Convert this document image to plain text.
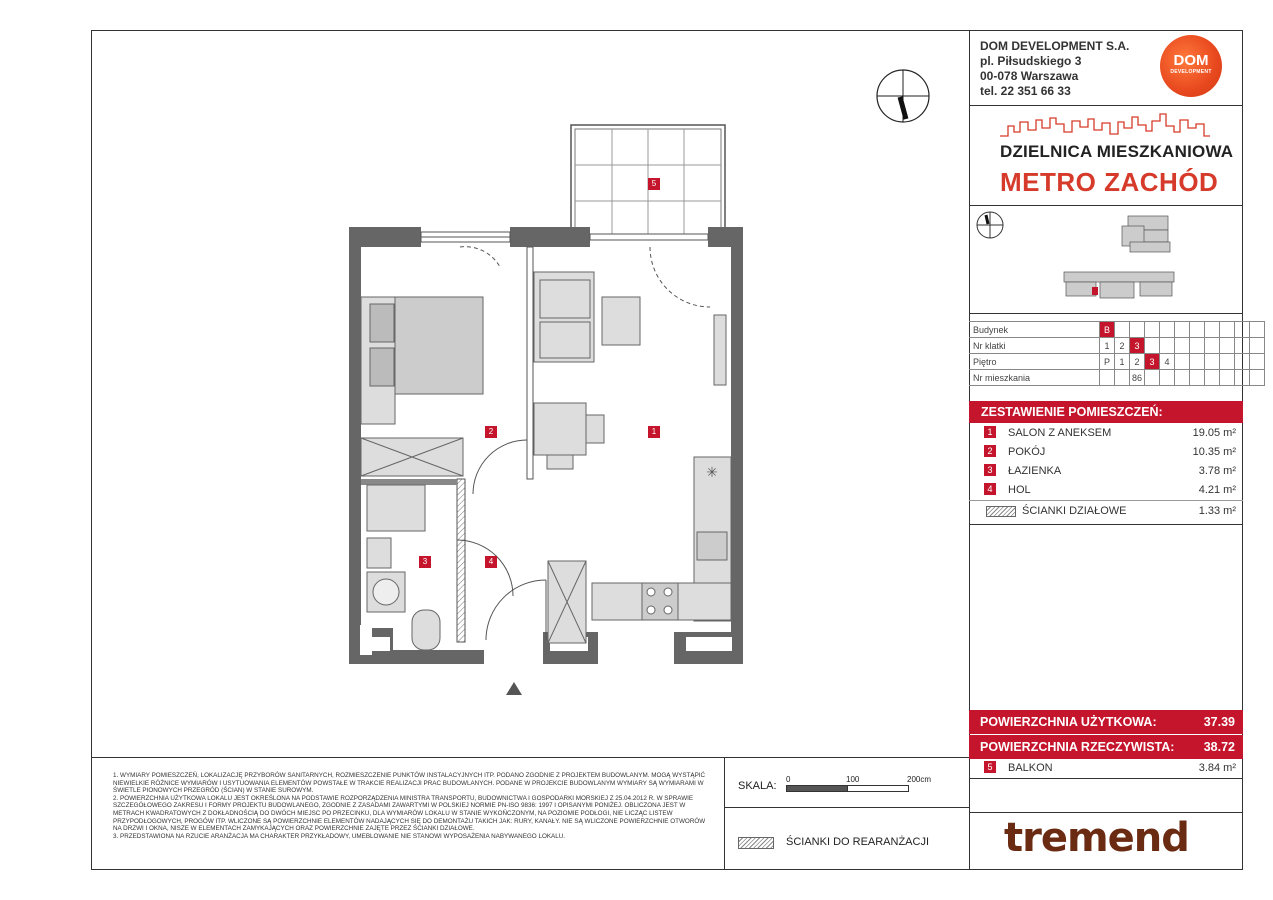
DOM DEVELOPMENT S.A.
pl. Piłsudskiego 3
00-078 Warszawa
tel. 22 351 66 33
DOM
DEVELOPMENT
DZIELNICA MIESZKANIOWA
METRO ZACHÓD
Budynek	B										
Nr klatki	1	2	3								
Piętro	P	1	2	3	4						
Nr mieszkania			86								
ZESTAWIENIE POMIESZCZEŃ:
1 SALON Z ANEKSEM	19.05 m²
2 POKÓJ	10.35 m²
3 ŁAZIENKA	3.78 m²
4 HOL	4.21 m²
ŚCIANKI DZIAŁOWE	1.33 m²
POWIERZCHNIA UŻYTKOWA:	37.39
POWIERZCHNIA RZECZYWISTA: 38.72
5 BALKON	3.84 m²
tremend
SKALA:
0	100	200cm
ŚCIANKI DO REARANŻACJI
1. WYMIARY POMIESZCZEŃ, LOKALIZACJĘ PRZYBORÓW SANITARNYCH, ROZMIESZCZENIE PUNKTÓW INSTALACYJNYCH ITP. PODANO ZGODNIE Z PROJEKTEM BUDOWLANYM. MOGĄ WYSTĄPIĆ NIEWIELKIE RÓŻNICE WYMIARÓW I USYTUOWANIA ELEMENTÓW POWSTAŁE W TRAKCIE REALIZACJI PRAC BUDOWLANYCH. PODANE W PROJEKCIE BUDOWLANYM WYMIARY SĄ WYMIARAMI W ŚWIETLE PIONOWYCH PRZEGRÓD (ŚCIAN) W STANIE SUROWYM.
2. POWIERZCHNIA UŻYTKOWA LOKALU JEST OKREŚLONA NA PODSTAWIE ROZPORZĄDZENIA MINISTRA TRANSPORTU, BUDOWNICTWA I GOSPODARKI MORSKIEJ Z 25.04.2012 R. W SPRAWIE SZCZEGÓŁOWEGO ZAKRESU I FORMY PROJEKTU BUDOWLANEGO, ZGODNIE Z ZASADAMI ZAWARTYMI W POLSKIEJ NORMIE PN-ISO 9836: 1997 I OPISANYMI PONIŻEJ. OBLICZONA JEST W METRACH KWADRATOWYCH Z DOKŁADNOŚCIĄ DO DWÓCH MIEJSC PO PRZECINKU, DLA WYMIARÓW LOKALU W STANIE WYKOŃCZONYM, NA POZIOMIE PODŁOGI, NIE LICZĄC LISTEW PRZYPODŁOGOWYCH, PROGÓW ITP. WLICZONE SĄ POWIERZCHNIE ELEMENTÓW NADAJĄCYCH SIĘ DO DEMONTAŻU TAKICH JAK: RURY, KANAŁY. NIE SĄ WLICZONE POWIERZCHNIE OTWORÓW NA DRZWI I OKNA, NISZE W ELEMENTACH ZAMYKAJĄCYCH ORAZ POWIERZCHNIE ZAJĘTE PRZEZ ŚCIANKI DZIAŁOWE.
3. PRZEDSTAWIONA NA RZUCIE ARANŻACJA MA CHARAKTER PRZYKŁADOWY, UMEBLOWANIE NIE STANOWI WYPOSAŻENIA NABYWANEGO LOKALU.
✳
5
1
2
3	4
